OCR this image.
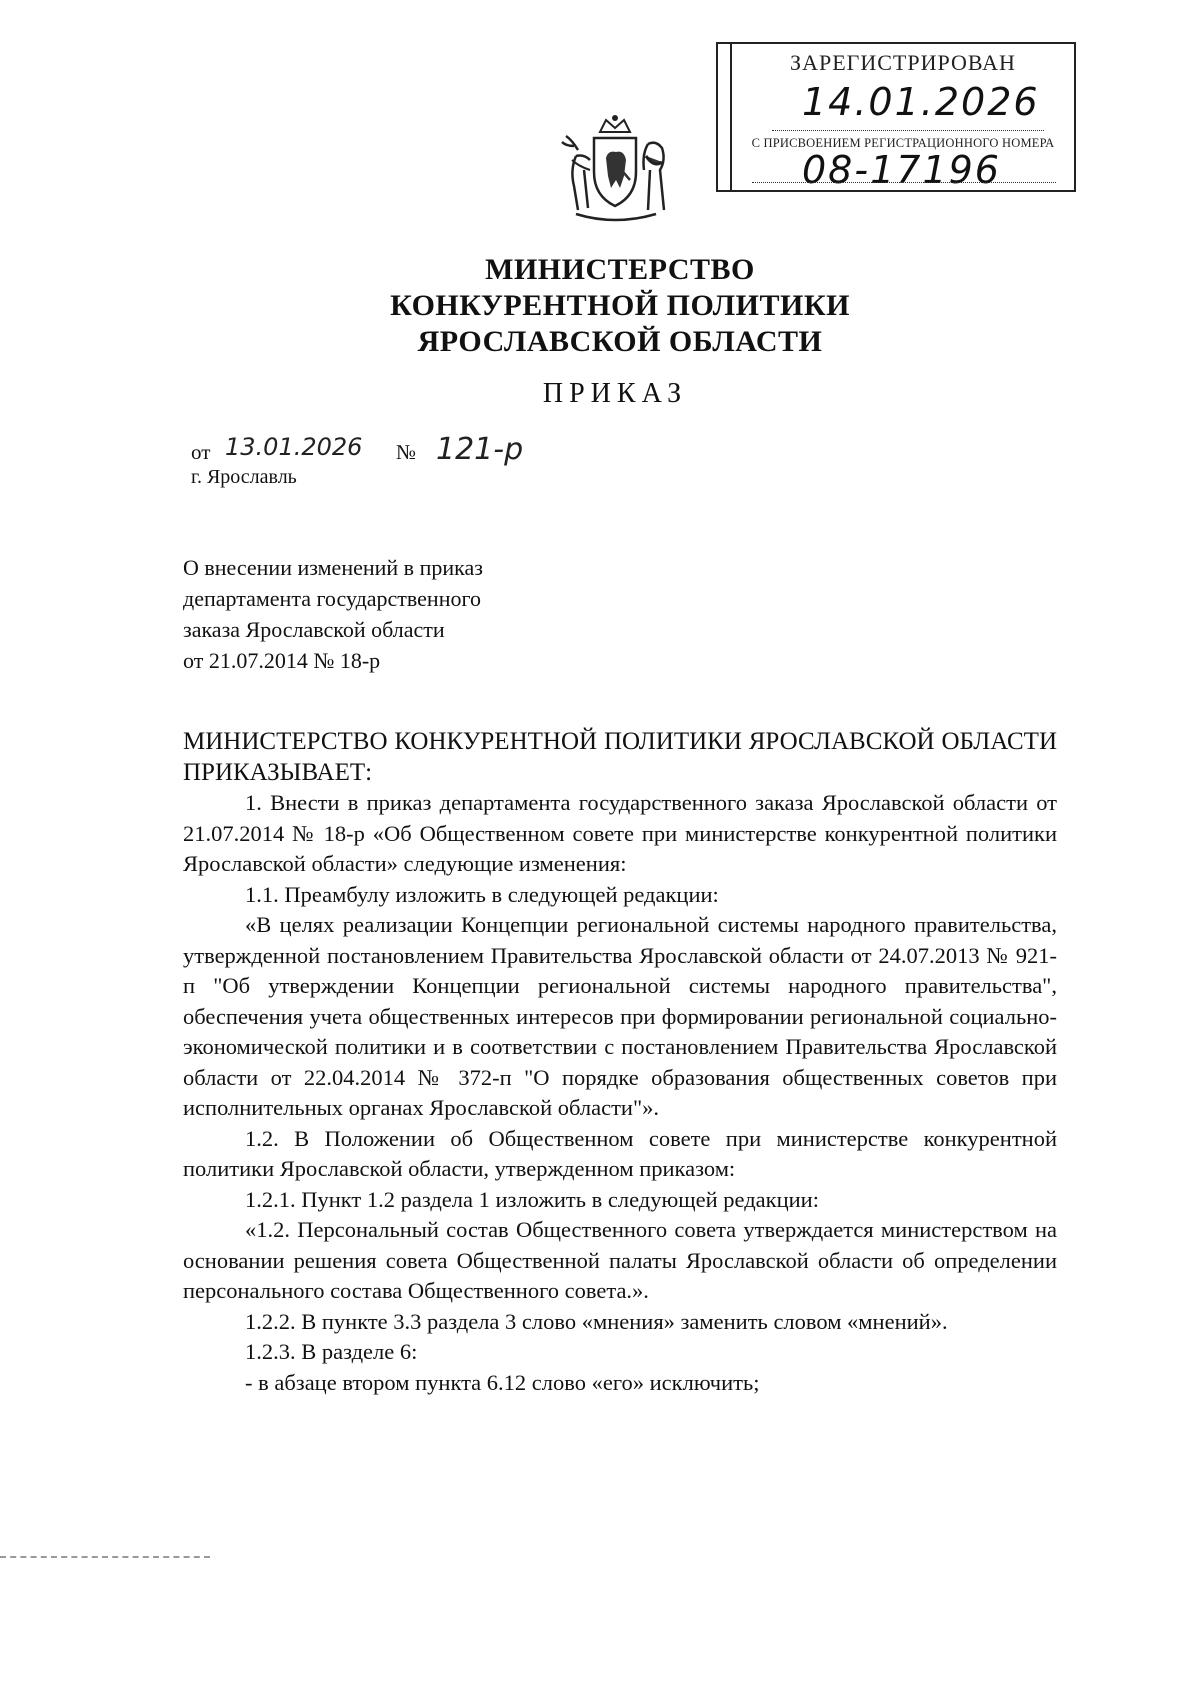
ЗАРЕГИСТРИРОВАН
14.01.2026
С ПРИСВОЕНИЕМ РЕГИСТРАЦИОННОГО НОМЕРА
08-17196
МИНИСТЕРСТВО
КОНКУРЕНТНОЙ ПОЛИТИКИ
ЯРОСЛАВСКОЙ ОБЛАСТИ
ПРИКАЗ
от 13.01.2026 № 121-р
г. Ярославль
О внесении изменений в приказ
департамента государственного
заказа Ярославской области
от 21.07.2014 № 18-р

МИНИСТЕРСТВО КОНКУРЕНТНОЙ ПОЛИТИКИ ЯРОСЛАВСКОЙ ОБЛАСТИ ПРИКАЗЫВАЕТ:

1. Внести в приказ департамента государственного заказа Ярославской области от 21.07.2014 № 18-р «Об Общественном совете при министерстве конкурентной политики Ярославской области» следующие изменения:

1.1. Преамбулу изложить в следующей редакции:

«В целях реализации Концепции региональной системы народного правительства, утвержденной постановлением Правительства Ярославской области от 24.07.2013 № 921-п "Об утверждении Концепции региональной системы народного правительства", обеспечения учета общественных интересов при формировании региональной социально-экономической политики и в соответствии с постановлением Правительства Ярославской области от 22.04.2014 № 372-п "О порядке образования общественных советов при исполнительных органах Ярославской области"».

1.2. В Положении об Общественном совете при министерстве конкурентной политики Ярославской области, утвержденном приказом:

1.2.1. Пункт 1.2 раздела 1 изложить в следующей редакции:

«1.2. Персональный состав Общественного совета утверждается министерством на основании решения совета Общественной палаты Ярославской области об определении персонального состава Общественного совета.».

1.2.2. В пункте 3.3 раздела 3 слово «мнения» заменить словом «мнений».

1.2.3. В разделе 6:

- в абзаце втором пункта 6.12 слово «его» исключить;
